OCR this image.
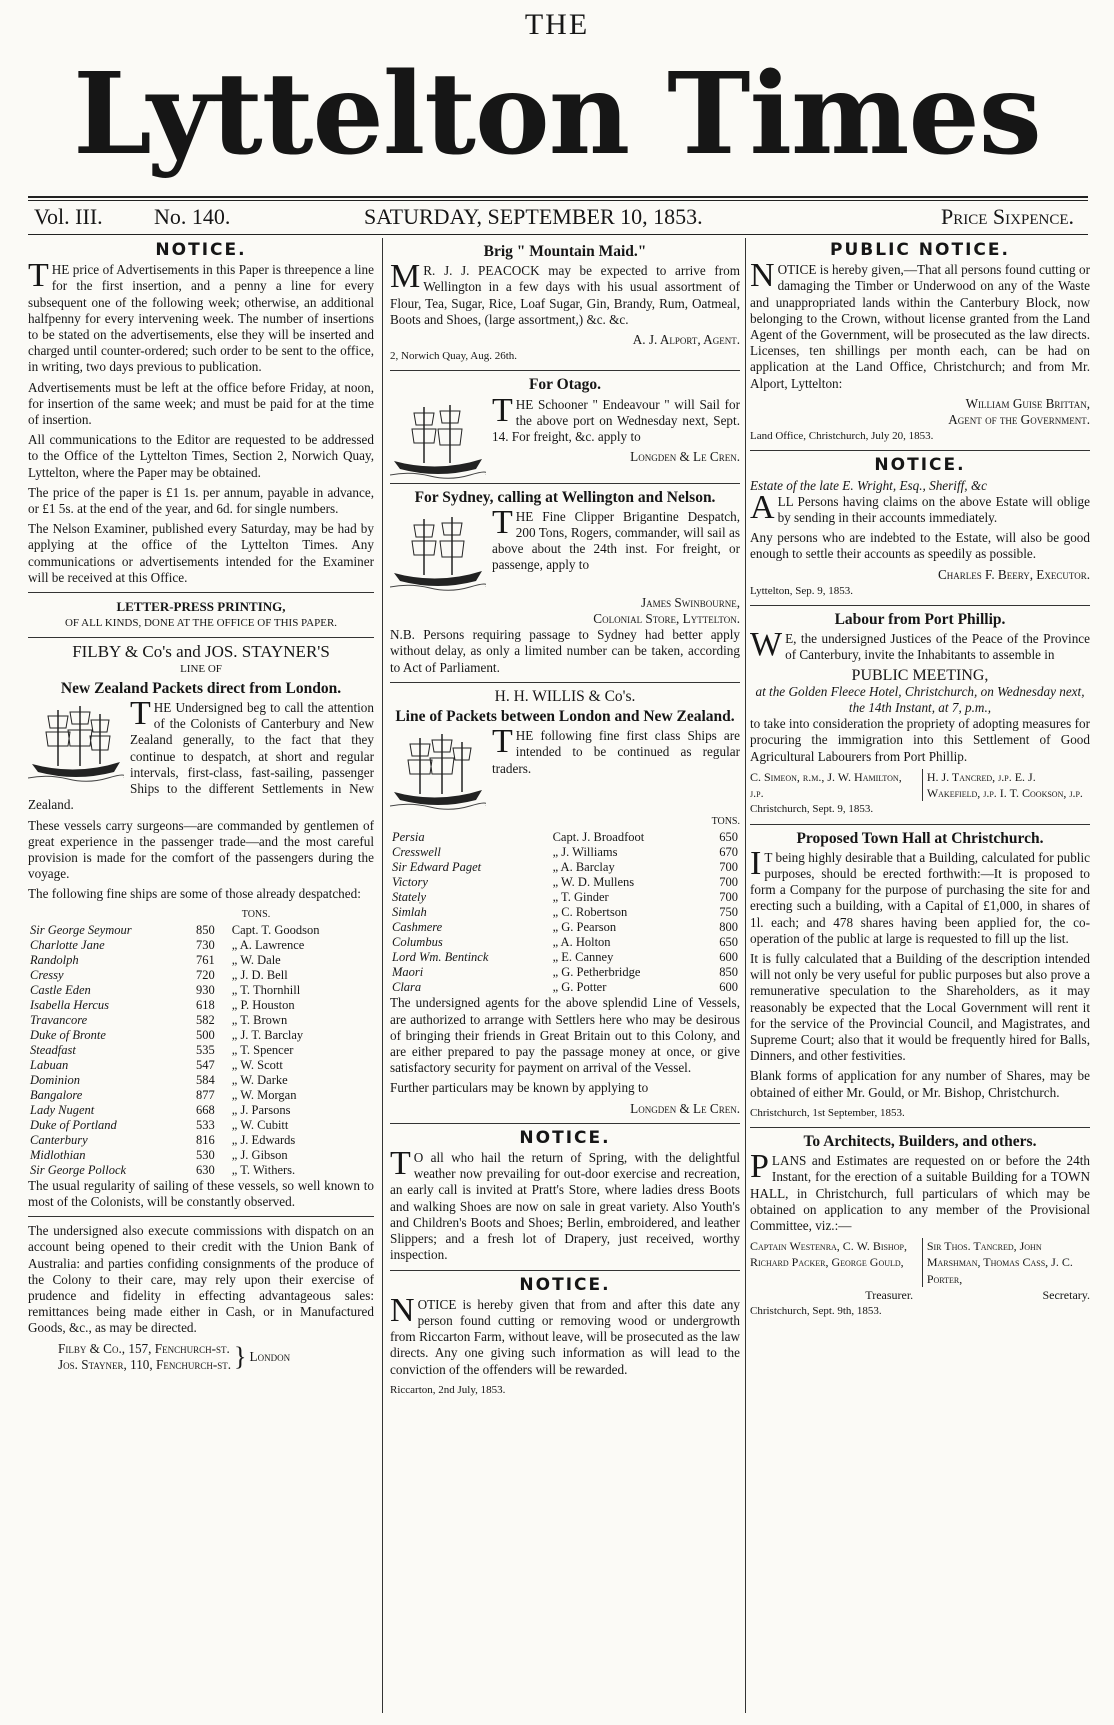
THE
Lyttelton Times
Vol. III. No. 140.	SATURDAY, SEPTEMBER 10, 1853.	Price Sixpence.
NOTICE.

THE price of Advertisements in this Paper is threepence a line for the first insertion, and a penny a line for every subsequent one of the following week; otherwise, an additional halfpenny for every intervening week. The number of insertions to be stated on the advertisements, else they will be inserted and charged until counter-ordered; such order to be sent to the office, in writing, two days previous to publication.

Advertisements must be left at the office before Friday, at noon, for insertion of the same week; and must be paid for at the time of insertion.

All communications to the Editor are requested to be addressed to the Office of the Lyttelton Times, Section 2, Norwich Quay, Lyttelton, where the Paper may be obtained.

The price of the paper is £1 1s. per annum, payable in advance, or £1 5s. at the end of the year, and 6d. for single numbers.

The Nelson Examiner, published every Saturday, may be had by applying at the office of the Lyttelton Times. Any communications or advertisements intended for the Examiner will be received at this Office.

LETTER-PRESS PRINTING,
OF ALL KINDS, DONE AT THE OFFICE OF THIS PAPER.
FILBY & Co's and JOS. STAYNER'S
LINE OF
New Zealand Packets direct from London.

THE Undersigned beg to call the attention of the Colonists of Canterbury and New Zealand generally, to the fact that they continue to despatch, at short and regular intervals, first-class, fast-sailing, passenger Ships to the different Settlements in New Zealand.

These vessels carry surgeons—are commanded by gentlemen of great experience in the passenger trade—and the most careful provision is made for the comfort of the passengers during the voyage.

The following fine ships are some of those already despatched:

TONS.
Sir George Seymour	850	Capt. T. Goodson
Charlotte Jane	730	„ A. Lawrence
Randolph	761	„ W. Dale
Cressy	720	„ J. D. Bell
Castle Eden	930	„ T. Thornhill
Isabella Hercus	618	„ P. Houston
Travancore	582	„ T. Brown
Duke of Bronte	500	„ J. T. Barclay
Steadfast	535	„ T. Spencer
Labuan	547	„ W. Scott
Dominion	584	„ W. Darke
Bangalore	877	„ W. Morgan
Lady Nugent	668	„ J. Parsons
Duke of Portland	533	„ W. Cubitt
Canterbury	816	„ J. Edwards
Midlothian	530	„ J. Gibson
Sir George Pollock	630	„ T. Withers.

The usual regularity of sailing of these vessels, so well known to most of the Colonists, will be constantly observed.

The undersigned also execute commissions with dispatch on an account being opened to their credit with the Union Bank of Australia: and parties confiding consignments of the produce of the Colony to their care, may rely upon their exercise of prudence and fidelity in effecting advantageous sales: remittances being made either in Cash, or in Manufactured Goods, &c., as may be directed.

Filby & Co., 157, Fenchurch-st.
Jos. Stayner, 110, Fenchurch-st. } London
Brig " Mountain Maid."

MR. J. J. PEACOCK may be expected to arrive from Wellington in a few days with his usual assortment of Flour, Tea, Sugar, Rice, Loaf Sugar, Gin, Brandy, Rum, Oatmeal, Boots and Shoes, (large assortment,) &c. &c.

A. J. Alport, Agent.
2, Norwich Quay, Aug. 26th.
For Otago.

THE Schooner " Endeavour " will Sail for the above port on Wednesday next, Sept. 14. For freight, &c. apply to

Longden & Le Cren.
For Sydney, calling at Wellington and Nelson.

THE Fine Clipper Brigantine Despatch, 200 Tons, Rogers, commander, will sail as above about the 24th inst. For freight, or passenge, apply to

James Swinbourne,
Colonial Store, Lyttelton.

N.B. Persons requiring passage to Sydney had better apply without delay, as only a limited number can be taken, according to Act of Parliament.

H. H. WILLIS & Co's.
Line of Packets between London and New Zealand.

THE following fine first class Ships are intended to be continued as regular traders.

TONS.
Persia	Capt. J. Broadfoot	650
Cresswell	„ J. Williams	670
Sir Edward Paget	„ A. Barclay	700
Victory	„ W. D. Mullens	700
Stately	„ T. Ginder	700
Simlah	„ C. Robertson	750
Cashmere	„ G. Pearson	800
Columbus	„ A. Holton	650
Lord Wm. Bentinck	„ E. Canney	600
Maori	„ G. Petherbridge	850
Clara	„ G. Potter	600

The undersigned agents for the above splendid Line of Vessels, are authorized to arrange with Settlers here who may be desirous of bringing their friends in Great Britain out to this Colony, and are either prepared to pay the passage money at once, or give satisfactory security for payment on arrival of the Vessel.

Further particulars may be known by applying to

Longden & Le Cren.
NOTICE.

TO all who hail the return of Spring, with the delightful weather now prevailing for out-door exercise and recreation, an early call is invited at Pratt's Store, where ladies dress Boots and walking Shoes are now on sale in great variety. Also Youth's and Children's Boots and Shoes; Berlin, embroidered, and leather Slippers; and a fresh lot of Drapery, just received, worthy inspection.

NOTICE.

NOTICE is hereby given that from and after this date any person found cutting or removing wood or undergrowth from Riccarton Farm, without leave, will be prosecuted as the law directs. Any one giving such information as will lead to the conviction of the offenders will be rewarded.

Riccarton, 2nd July, 1853.
PUBLIC NOTICE.

NOTICE is hereby given,—That all persons found cutting or damaging the Timber or Underwood on any of the Waste and unappropriated lands within the Canterbury Block, now belonging to the Crown, without license granted from the Land Agent of the Government, will be prosecuted as the law directs. Licenses, ten shillings per month each, can be had on application at the Land Office, Christchurch; and from Mr. Alport, Lyttelton:

William Guise Brittan,
Agent of the Government.
Land Office, Christchurch, July 20, 1853.
NOTICE.
Estate of the late E. Wright, Esq., Sheriff, &c

ALL Persons having claims on the above Estate will oblige by sending in their accounts immediately.

Any persons who are indebted to the Estate, will also be good enough to settle their accounts as speedily as possible.

Charles F. Beery, Executor.
Lyttelton, Sep. 9, 1853.
Labour from Port Phillip.

WE, the undersigned Justices of the Peace of the Province of Canterbury, invite the Inhabitants to assemble in

PUBLIC MEETING,
at the Golden Fleece Hotel, Christchurch, on Wednesday next, the 14th Instant, at 7, p.m.,

to take into consideration the propriety of adopting measures for procuring the immigration into this Settlement of Good Agricultural Labourers from Port Phillip.

C. Simeon, r.m., J. W. Hamilton, j.p.
H. J. Tancred, j.p. E. J. Wakefield, j.p. I. T. Cookson, j.p.
Christchurch, Sept. 9, 1853.
Proposed Town Hall at Christchurch.

IT being highly desirable that a Building, calculated for public purposes, should be erected forthwith:—It is proposed to form a Company for the purpose of purchasing the site for and erecting such a building, with a Capital of £1,000, in shares of 1l. each; and 478 shares having been applied for, the co-operation of the public at large is requested to fill up the list.

It is fully calculated that a Building of the description intended will not only be very useful for public purposes but also prove a remunerative speculation to the Shareholders, as it may reasonably be expected that the Local Government will rent it for the service of the Provincial Council, and Magistrates, and Supreme Court; also that it would be frequently hired for Balls, Dinners, and other festivities.

Blank forms of application for any number of Shares, may be obtained of either Mr. Gould, or Mr. Bishop, Christchurch.

Christchurch, 1st September, 1853.
To Architects, Builders, and others.

PLANS and Estimates are requested on or before the 24th Instant, for the erection of a suitable Building for a TOWN HALL, in Christchurch, full particulars of which may be obtained on application to any member of the Provisional Committee, viz.:—

Captain Westenra, C. W. Bishop, Richard Packer, George Gould,
Sir Thos. Tancred, John Marshman, Thomas Cass, J. C. Porter,
Treasurer.	Secretary.
Christchurch, Sept. 9th, 1853.
